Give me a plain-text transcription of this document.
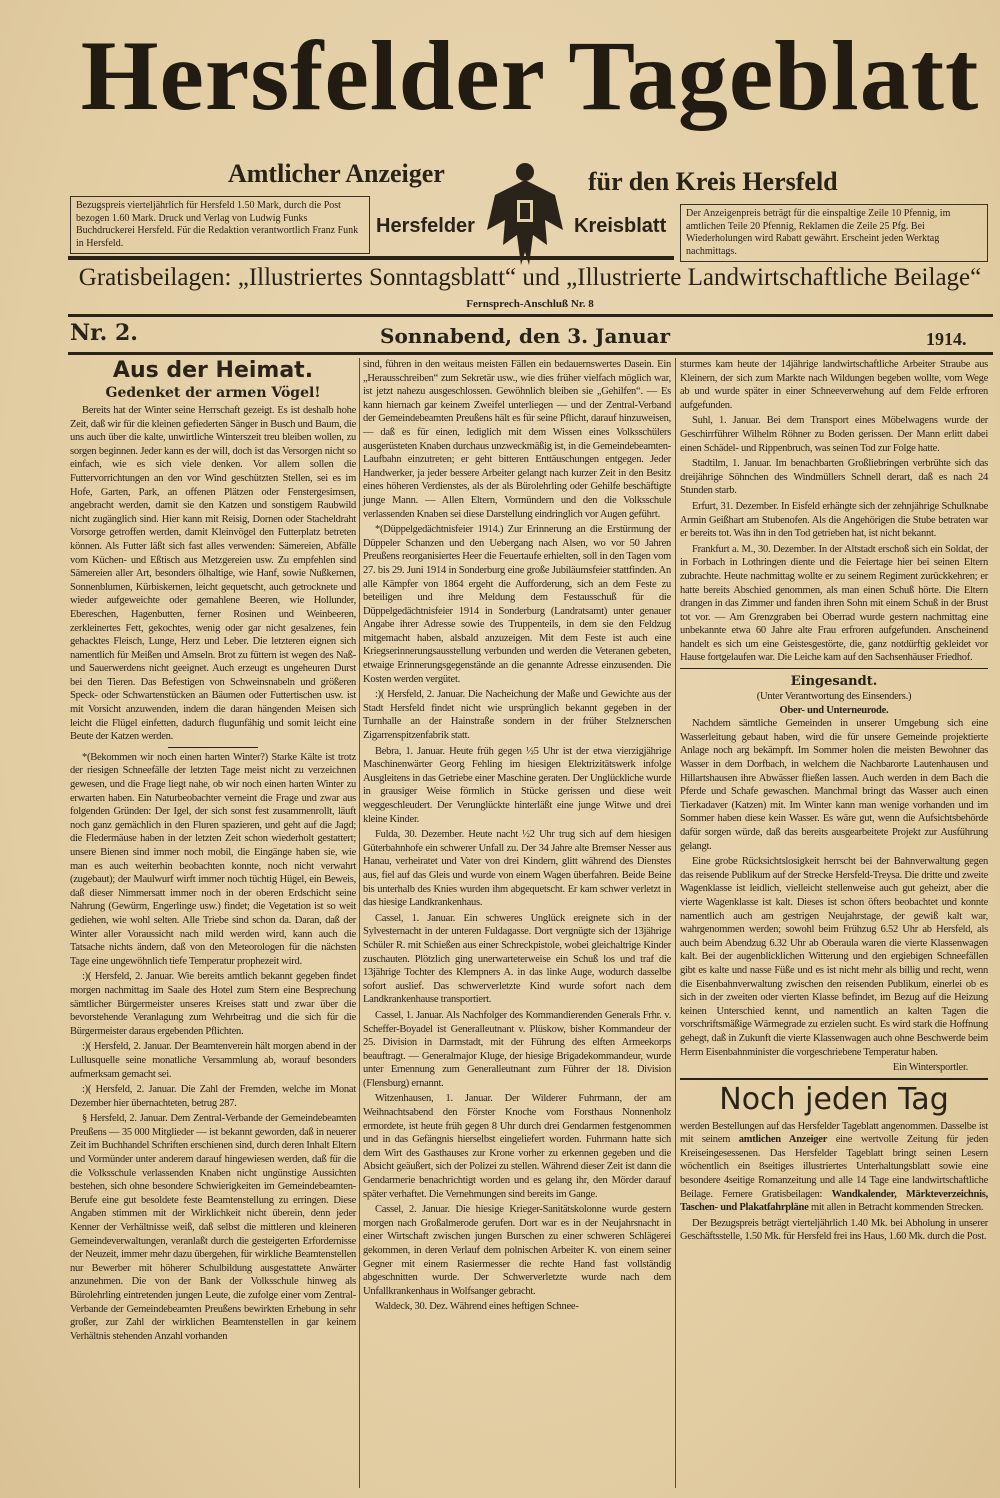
Hersfelder Tageblatt
Amtlicher Anzeiger	für den Kreis Hersfeld
Hersfelder	Kreisblatt
Bezugspreis vierteljährlich für Hersfeld 1.50 Mark, durch die Post bezogen 1.60 Mark. Druck und Verlag von Ludwig Funks Buchdruckerei Hersfeld. Für die Redaktion verantwortlich Franz Funk in Hersfeld.
Der Anzeigenpreis beträgt für die einspaltige Zeile 10 Pfennig, im amtlichen Teile 20 Pfennig, Reklamen die Zeile 25 Pfg. Bei Wiederholungen wird Rabatt gewährt. Erscheint jeden Werktag nachmittags.
Gratisbeilagen: „Illustriertes Sonntagsblatt“ und „Illustrierte Landwirtschaftliche Beilage“
Fernsprech-Anschluß Nr. 8
Nr. 2.	Sonnabend, den 3. Januar	1914.
Aus der Heimat.
Gedenket der armen Vögel!

Bereits hat der Winter seine Herrschaft gezeigt. Es ist deshalb hohe Zeit, daß wir für die kleinen gefiederten Sänger in Busch und Baum, die uns auch über die kalte, unwirtliche Winterszeit treu bleiben wollen, zu sorgen beginnen. Jeder kann es der will, doch ist das Versorgen nicht so einfach, wie es sich viele denken. Vor allem sollen die Futtervorrichtungen an den vor Wind geschützten Stellen, sei es im Hofe, Garten, Park, an offenen Plätzen oder Fenstergesimsen, angebracht werden, damit sie den Katzen und sonstigem Raubwild nicht zugänglich sind. Hier kann mit Reisig, Dornen oder Stacheldraht Vorsorge getroffen werden, damit Kleinvögel den Futterplatz betreten können. Als Futter läßt sich fast alles verwenden: Sämereien, Abfälle vom Küchen- und Eßtisch aus Metzgereien usw. Zu empfehlen sind Sämereien aller Art, besonders ölhaltige, wie Hanf, sowie Nußkernen, Sonnenblumen, Kürbiskernen, leicht gequetscht, auch getrocknete und wieder aufgeweichte oder gemahlene Beeren, wie Hollunder, Ebereschen, Hagenbutten, ferner Rosinen und Weinbeeren, zerkleinertes Fett, gekochtes, wenig oder gar nicht gesalzenes, fein gehacktes Fleisch, Lunge, Herz und Leber. Die letzteren eignen sich namentlich für Meißen und Amseln. Brot zu füttern ist wegen des Naß- und Sauerwerdens nicht geeignet. Auch erzeugt es ungeheuren Durst bei den Tieren. Das Befestigen von Schweinsnabeln und größeren Speck- oder Schwartenstücken an Bäumen oder Futtertischen usw. ist mit Vorsicht anzuwenden, indem die daran hängenden Meisen sich leicht die Flügel einfetten, dadurch flugunfähig und somit leicht eine Beute der Katzen werden.

*(Bekommen wir noch einen harten Winter?) Starke Kälte ist trotz der riesigen Schneefälle der letzten Tage meist nicht zu verzeichnen gewesen, und die Frage liegt nahe, ob wir noch einen harten Winter zu erwarten haben. Ein Naturbeobachter verneint die Frage und zwar aus folgenden Gründen: Der Igel, der sich sonst fest zusammenrollt, läuft noch ganz gemächlich in den Fluren spazieren, und geht auf die Jagd; die Fledermäuse haben in der letzten Zeit schon wiederholt gestattert; unsere Bienen sind immer noch mobil, die Eingänge haben sie, wie man es auch weiterhin beobachten konnte, noch nicht verwahrt (zugebaut); der Maulwurf wirft immer noch tüchtig Hügel, ein Beweis, daß dieser Nimmersatt immer noch in der oberen Erdschicht seine Nahrung (Gewürm, Engerlinge usw.) findet; die Vegetation ist so weit gediehen, wie wohl selten. Alle Triebe sind schon da. Daran, daß der Winter aller Voraussicht nach mild werden wird, kann auch die Tatsache nichts ändern, daß von den Meteorologen für die nächsten Tage eine ungewöhnlich tiefe Temperatur prophezeit wird.

:)( Hersfeld, 2. Januar. Wie bereits amtlich bekannt gegeben findet morgen nachmittag im Saale des Hotel zum Stern eine Besprechung sämtlicher Bürgermeister unseres Kreises statt und zwar über die bevorstehende Veranlagung zum Wehrbeitrag und die sich für die Bürgermeister daraus ergebenden Pflichten.

:)( Hersfeld, 2. Januar. Der Beamtenverein hält morgen abend in der Lullusquelle seine monatliche Versammlung ab, worauf besonders aufmerksam gemacht sei.

:)( Hersfeld, 2. Januar. Die Zahl der Fremden, welche im Monat Dezember hier übernachteten, betrug 287.

§ Hersfeld, 2. Januar. Dem Zentral-Verbande der Gemeindebeamten Preußens — 35 000 Mitglieder — ist bekannt geworden, daß in neuerer Zeit im Buchhandel Schriften erschienen sind, durch deren Inhalt Eltern und Vormünder unter anderem darauf hingewiesen werden, daß für die die Volksschule verlassenden Knaben nicht ungünstige Aussichten bestehen, sich ohne besondere Schwierigkeiten im Gemeindebeamten-Berufe eine gut besoldete feste Beamtenstellung zu erringen. Diese Angaben stimmen mit der Wirklichkeit nicht überein, denn jeder Kenner der Verhältnisse weiß, daß selbst die mittleren und kleineren Gemeindeverwaltungen, veranlaßt durch die gesteigerten Erfordernisse der Neuzeit, immer mehr dazu übergehen, für wirkliche Beamtenstellen nur Bewerber mit höherer Schulbildung ausgestattete Anwärter anzunehmen. Die von der Bank der Volksschule hinweg als Bürolehrling eintretenden jungen Leute, die zufolge einer vom Zentral-Verbande der Gemeindebeamten Preußens bewirkten Erhebung in sehr großer, zur Zahl der wirklichen Beamtenstellen in gar keinem Verhältnis stehenden Anzahl vorhanden

sind, führen in den weitaus meisten Fällen ein bedauernswertes Dasein. Ein „Herausschreiben“ zum Sekretär usw., wie dies früher vielfach möglich war, ist jetzt nahezu ausgeschlossen. Gewöhnlich bleiben sie „Gehilfen“. — Es kann hiernach gar keinem Zweifel unterliegen — und der Zentral-Verband der Gemeindebeamten Preußens hält es für seine Pflicht, darauf hinzuweisen, — daß es für einen, lediglich mit dem Wissen eines Volksschülers ausgerüsteten Knaben durchaus unzweckmäßig ist, in die Gemeindebeamten-Laufbahn einzutreten; er geht bitteren Enttäuschungen entgegen. Jeder Handwerker, ja jeder bessere Arbeiter gelangt nach kurzer Zeit in den Besitz eines höheren Verdienstes, als der als Bürolehrling oder Gehilfe beschäftigte junge Mann. — Allen Eltern, Vormündern und den die Volksschule verlassenden Knaben sei diese Darstellung eindringlich vor Augen geführt.

*(Düppelgedächtnisfeier 1914.) Zur Erinnerung an die Erstürmung der Düppeler Schanzen und den Uebergang nach Alsen, wo vor 50 Jahren Preußens reorganisiertes Heer die Feuertaufe erhielten, soll in den Tagen vom 27. bis 29. Juni 1914 in Sonderburg eine große Jubiläumsfeier stattfinden. An alle Kämpfer von 1864 ergeht die Aufforderung, sich an dem Feste zu beteiligen und ihre Meldung dem Festausschuß für die Düppelgedächtnisfeier 1914 in Sonderburg (Landratsamt) unter genauer Angabe ihrer Adresse sowie des Truppenteils, in dem sie den Feldzug mitgemacht haben, alsbald anzuzeigen. Mit dem Feste ist auch eine Kriegserinnerungsausstellung verbunden und werden die Veteranen gebeten, etwaige Erinnerungsgegenstände an die genannte Adresse einzusenden. Die Kosten werden vergütet.

:)( Hersfeld, 2. Januar. Die Nacheichung der Maße und Gewichte aus der Stadt Hersfeld findet nicht wie ursprünglich bekannt gegeben in der Turnhalle an der Hainstraße sondern in der früher Stelznerschen Zigarrenspitzenfabrik statt.

Bebra, 1. Januar. Heute früh gegen ½5 Uhr ist der etwa vierzigjährige Maschinenwärter Georg Fehling im hiesigen Elektrizitätswerk infolge Ausgleitens in das Getriebe einer Maschine geraten. Der Unglückliche wurde in grausiger Weise förmlich in Stücke gerissen und diese weit weggeschleudert. Der Verunglückte hinterläßt eine junge Witwe und drei kleine Kinder.

Fulda, 30. Dezember. Heute nacht ½2 Uhr trug sich auf dem hiesigen Güterbahnhofe ein schwerer Unfall zu. Der 34 Jahre alte Bremser Nesser aus Hanau, verheiratet und Vater von drei Kindern, glitt während des Dienstes aus, fiel auf das Gleis und wurde von einem Wagen überfahren. Beide Beine bis unterhalb des Knies wurden ihm abgequetscht. Er kam schwer verletzt in das hiesige Landkrankenhaus.

Cassel, 1. Januar. Ein schweres Unglück ereignete sich in der Sylvesternacht in der unteren Fuldagasse. Dort vergnügte sich der 13jährige Schüler R. mit Schießen aus einer Schreckpistole, wobei gleichaltrige Kinder zuschauten. Plötzlich ging unerwarteterweise ein Schuß los und traf die 13jährige Tochter des Klempners A. in das linke Auge, wodurch dasselbe sofort auslief. Das schwerverletzte Kind wurde sofort nach dem Landkrankenhause transportiert.

Cassel, 1. Januar. Als Nachfolger des Kommandierenden Generals Frhr. v. Scheffer-Boyadel ist Generalleutnant v. Plüskow, bisher Kommandeur der 25. Division in Darmstadt, mit der Führung des elften Armeekorps beauftragt. — Generalmajor Kluge, der hiesige Brigadekommandeur, wurde unter Ernennung zum Generalleutnant zum Führer der 18. Division (Flensburg) ernannt.

Witzenhausen, 1. Januar. Der Wilderer Fuhrmann, der am Weihnachtsabend den Förster Knoche vom Forsthaus Nonnenholz ermordete, ist heute früh gegen 8 Uhr durch drei Gendarmen festgenommen und in das Gefängnis hierselbst eingeliefert worden. Fuhrmann hatte sich dem Wirt des Gasthauses zur Krone vorher zu erkennen gegeben und die Absicht geäußert, sich der Polizei zu stellen. Während dieser Zeit ist dann die Gendarmerie benachrichtigt worden und es gelang ihr, den Mörder darauf später verhaftet. Die Vernehmungen sind bereits im Gange.

Cassel, 2. Januar. Die hiesige Krieger-Sanitätskolonne wurde gestern morgen nach Großalmerode gerufen. Dort war es in der Neujahrsnacht in einer Wirtschaft zwischen jungen Burschen zu einer schweren Schlägerei gekommen, in deren Verlauf dem polnischen Arbeiter K. von einem seiner Gegner mit einem Rasiermesser die rechte Hand fast vollständig abgeschnitten wurde. Der Schwerverletzte wurde nach dem Unfallkrankenhaus in Wolfsanger gebracht.

Waldeck, 30. Dez. Während eines heftigen Schnee-

sturmes kam heute der 14jährige landwirtschaftliche Arbeiter Straube aus Kleinern, der sich zum Markte nach Wildungen begeben wollte, vom Wege ab und wurde später in einer Schneeverwehung auf dem Felde erfroren aufgefunden.

Suhl, 1. Januar. Bei dem Transport eines Möbelwagens wurde der Geschirrführer Wilhelm Röhner zu Boden gerissen. Der Mann erlitt dabei einen Schädel- und Rippenbruch, was seinen Tod zur Folge hatte.

Stadtilm, 1. Januar. Im benachbarten Großliebringen verbrühte sich das dreijährige Söhnchen des Windmüllers Schnell derart, daß es nach 24 Stunden starb.

Erfurt, 31. Dezember. In Eisfeld erhängte sich der zehnjährige Schulknabe Armin Geißhart am Stubenofen. Als die Angehörigen die Stube betraten war er bereits tot. Was ihn in den Tod getrieben hat, ist nicht bekannt.

Frankfurt a. M., 30. Dezember. In der Altstadt erschoß sich ein Soldat, der in Forbach in Lothringen diente und die Feiertage hier bei seinen Eltern zubrachte. Heute nachmittag wollte er zu seinem Regiment zurückkehren; er hatte bereits Abschied genommen, als man einen Schuß hörte. Die Eltern drangen in das Zimmer und fanden ihren Sohn mit einem Schuß in der Brust tot vor. — Am Grenzgraben bei Oberrad wurde gestern nachmittag eine unbekannte etwa 60 Jahre alte Frau erfroren aufgefunden. Anscheinend handelt es sich um eine Geistesgestörte, die, ganz notdürftig gekleidet vor Hause fortgelaufen war. Die Leiche kam auf den Sachsenhäuser Friedhof.

Eingesandt.
(Unter Verantwortung des Einsenders.)
Ober- und Unterneurode.

Nachdem sämtliche Gemeinden in unserer Umgebung sich eine Wasserleitung gebaut haben, wird die für unsere Gemeinde projektierte Anlage noch arg bekämpft. Im Sommer holen die meisten Bewohner das Wasser in dem Dorfbach, in welchem die Nachbarorte Lautenhausen und Hillartshausen ihre Abwässer fließen lassen. Auch werden in dem Bach die Pferde und Schafe gewaschen. Manchmal bringt das Wasser auch einen Tierkadaver (Katzen) mit. Im Winter kann man wenige vorhanden und im Sommer haben diese kein Wasser. Es wäre gut, wenn die Aufsichtsbehörde dafür sorgen würde, daß das bereits ausgearbeitete Projekt zur Ausführung gelangt.

Eine grobe Rücksichtslosigkeit herrscht bei der Bahnverwaltung gegen das reisende Publikum auf der Strecke Hersfeld-Treysa. Die dritte und zweite Wagenklasse ist leidlich, vielleicht stellenweise auch gut geheizt, aber die vierte Wagenklasse ist kalt. Dieses ist schon öfters beobachtet und konnte namentlich auch am gestrigen Neujahrstage, der gewiß kalt war, wahrgenommen werden; sowohl beim Frühzug 6.52 Uhr ab Hersfeld, als auch beim Abendzug 6.32 Uhr ab Oberaula waren die vierte Klassenwagen kalt. Bei der augenblicklichen Witterung und den ergiebigen Schneefällen gibt es kalte und nasse Füße und es ist nicht mehr als billig und recht, wenn die Eisenbahnverwaltung zwischen den reisenden Publikum, einerlei ob es sich in der zweiten oder vierten Klasse befindet, im Bezug auf die Heizung keinen Unterschied kennt, und namentlich an kalten Tagen die vorschriftsmäßige Wärmegrade zu erzielen sucht. Es wird stark die Hoffnung gehegt, daß in Zukunft die vierte Klassenwagen auch ohne Beschwerde beim Herrn Eisenbahnminister die vorgeschriebene Temperatur haben.

Ein Wintersportler.
Noch jeden Tag

werden Bestellungen auf das Hersfelder Tageblatt angenommen. Dasselbe ist mit seinem amtlichen Anzeiger eine wertvolle Zeitung für jeden Kreiseingesessenen. Das Hersfelder Tageblatt bringt seinen Lesern wöchentlich ein 8seitiges illustriertes Unterhaltungsblatt sowie eine besondere 4seitige Romanzeitung und alle 14 Tage eine landwirtschaftliche Beilage. Fernere Gratisbeilagen: Wandkalender, Märkteverzeichnis, Taschen- und Plakatfahrpläne mit allen in Betracht kommenden Strecken.

Der Bezugspreis beträgt vierteljährlich 1.40 Mk. bei Abholung in unserer Geschäftsstelle, 1.50 Mk. für Hersfeld frei ins Haus, 1.60 Mk. durch die Post.
